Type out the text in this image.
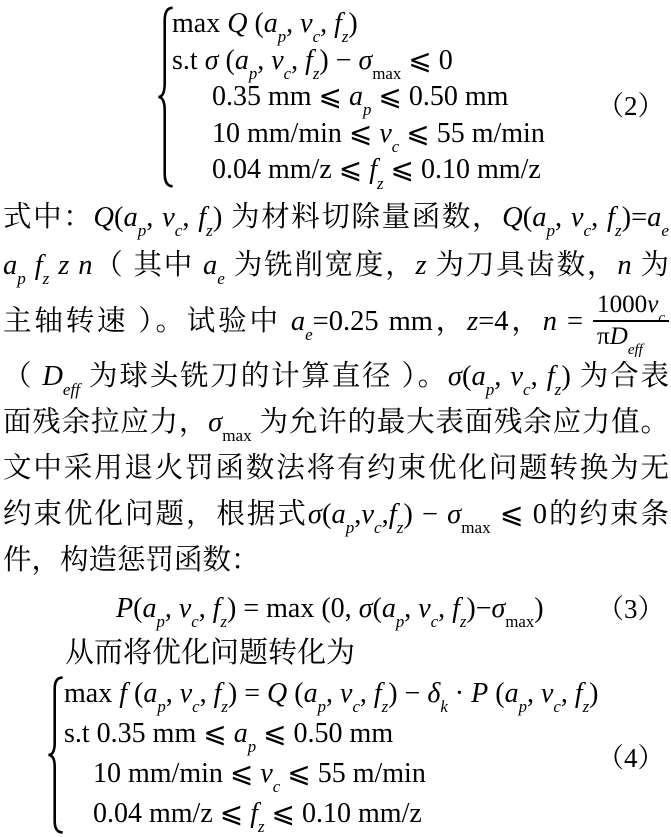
max Q ($a_p$, $v_c$, $f_z$)
s.t σ ($a_p$, $v_c$, $f_z) - \sigma_{max}$ ⩽ 0
0.35 mm ⩽ $a_p$ ⩽ 0.50 mm
10 mm/min ⩽ $v_c$ ⩽ 55 m/min
0.04 mm/z ⩽ $f_z$ ⩽ 0.10 mm/z
（2）
式中：$Q(a_p$, $v_c$, $f_z$) 为材料切除量函数，$Q(a_p$, $v_c$, $f_z)=a_e$
$a_p$ $f_z$ z n（ 其中 $a_e$ 为铣削宽度，z 为刀具齿数，n 为
主轴转速 ）。试验中 $a_e=0.25$ mm，z=4，$n = \frac{1000v_c}{\pi D_{eff}}$
（ $D_{eff}$ 为球头铣刀的计算直径 ）。$\sigma(a_p$, $v_c$, $f_z$) 为合表
面残余拉应力，$\sigma_{max}$ 为允许的最大表面残余应力值。
文中采用退火罚函数法将有约束优化问题转换为无
约束优化问题，根据式$\sigma(a_p,v_c,f_z) - \sigma_{max}$ ⩽ 0的约束条
件，构造惩罚函数：
$P(a_p$, $v_c$, $f_z) = \max (0$, $\sigma(a_p$, $v_c$, $f_z)-\sigma_{max}$) （3）
从而将优化问题转化为
max f ($a_p$, $v_c$, $f_z) = Q$ ($a_p$, $v_c$, $f_z) - \delta_k \cdot P$ ($a_p$, $v_c$, $f_z$)
s.t 0.35 mm ⩽ $a_p$ ⩽ 0.50 mm
10 mm/min ⩽ $v_c$ ⩽ 55 m/min
0.04 mm/z ⩽ $f_z$ ⩽ 0.10 mm/z
（4）
